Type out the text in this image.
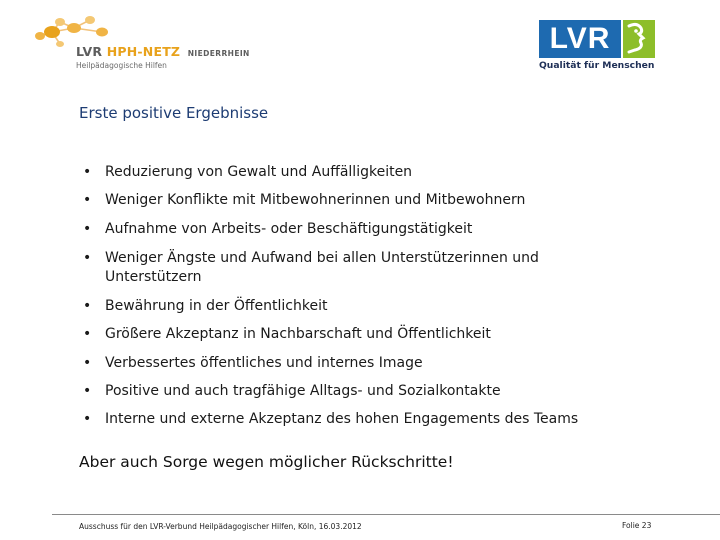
LVR HPH-NETZ NIEDERRHEIN
Heilpädagogische Hilfen
LVR
Qualität für Menschen
Erste positive Ergebnisse
• Reduzierung von Gewalt und Auffälligkeiten
• Weniger Konflikte mit Mitbewohnerinnen und Mitbewohnern
• Aufnahme von Arbeits- oder Beschäftigungstätigkeit
• Weniger Ängste und Aufwand bei allen Unterstützerinnen und Unterstützern
• Bewährung in der Öffentlichkeit
• Größere Akzeptanz in Nachbarschaft und Öffentlichkeit
• Verbessertes öffentliches und internes Image
• Positive und auch tragfähige Alltags- und Sozialkontakte
• Interne und externe Akzeptanz des hohen Engagements des Teams
Aber auch Sorge wegen möglicher Rückschritte!
Ausschuss für den LVR-Verbund Heilpädagogischer Hilfen, Köln, 16.03.2012	Folie 23
